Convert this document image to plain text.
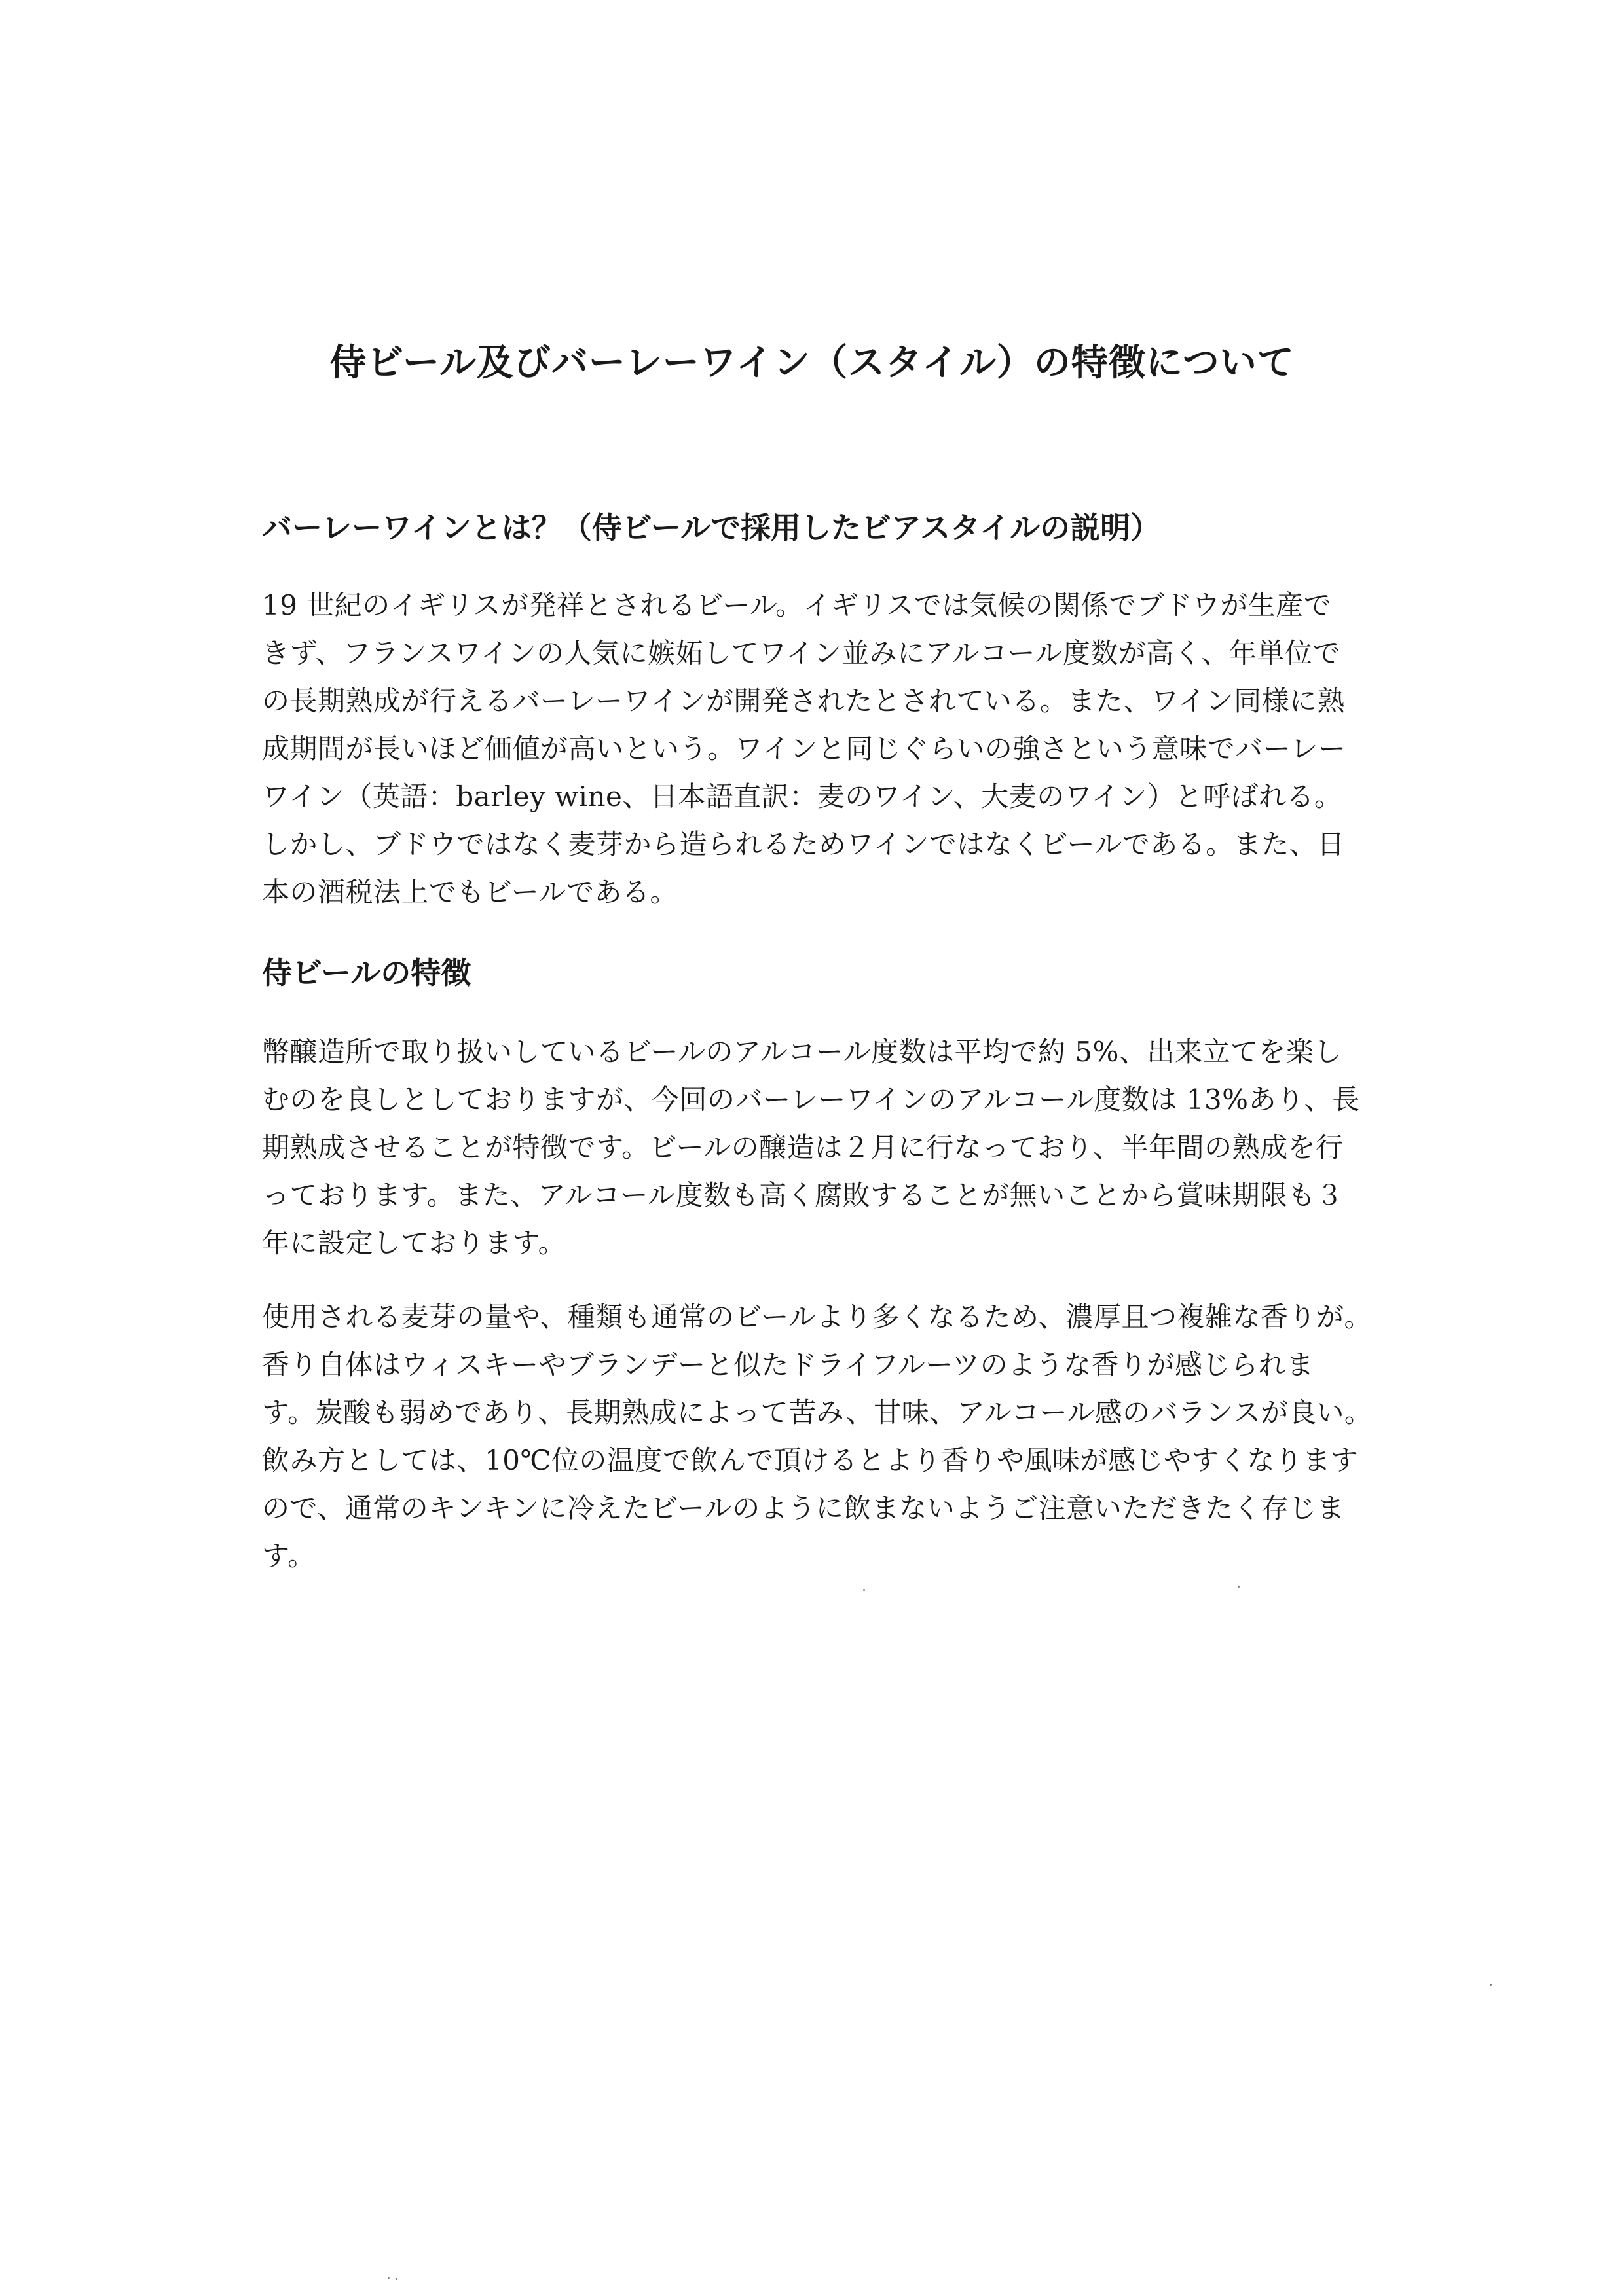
侍ビール及びバーレーワイン（スタイル）の特徴について
バーレーワインとは？（侍ビールで採用したビアスタイルの説明）
19 世紀のイギリスが発祥とされるビール。イギリスでは気候の関係でブドウが生産で
きず、フランスワインの人気に嫉妬してワイン並みにアルコール度数が高く、年単位で
の長期熟成が行えるバーレーワインが開発されたとされている。また、ワイン同様に熟
成期間が長いほど価値が高いという。ワインと同じぐらいの強さという意味でバーレー
ワイン（英語：barley wine、日本語直訳：麦のワイン、大麦のワイン）と呼ばれる。
しかし、ブドウではなく麦芽から造られるためワインではなくビールである。また、日
本の酒税法上でもビールである。
侍ビールの特徴
幣醸造所で取り扱いしているビールのアルコール度数は平均で約 5%、出来立てを楽し
むのを良しとしておりますが、今回のバーレーワインのアルコール度数は 13%あり、長
期熟成させることが特徴です。ビールの醸造は２月に行なっており、半年間の熟成を行
っております。また、アルコール度数も高く腐敗することが無いことから賞味期限も３
年に設定しております。
使用される麦芽の量や、種類も通常のビールより多くなるため、濃厚且つ複雑な香りが。
香り自体はウィスキーやブランデーと似たドライフルーツのような香りが感じられま
す。炭酸も弱めであり、長期熟成によって苦み、甘味、アルコール感のバランスが良い。
飲み方としては、10℃位の温度で飲んで頂けるとより香りや風味が感じやすくなります
ので、通常のキンキンに冷えたビールのように飲まないようご注意いただきたく存じま
す。
